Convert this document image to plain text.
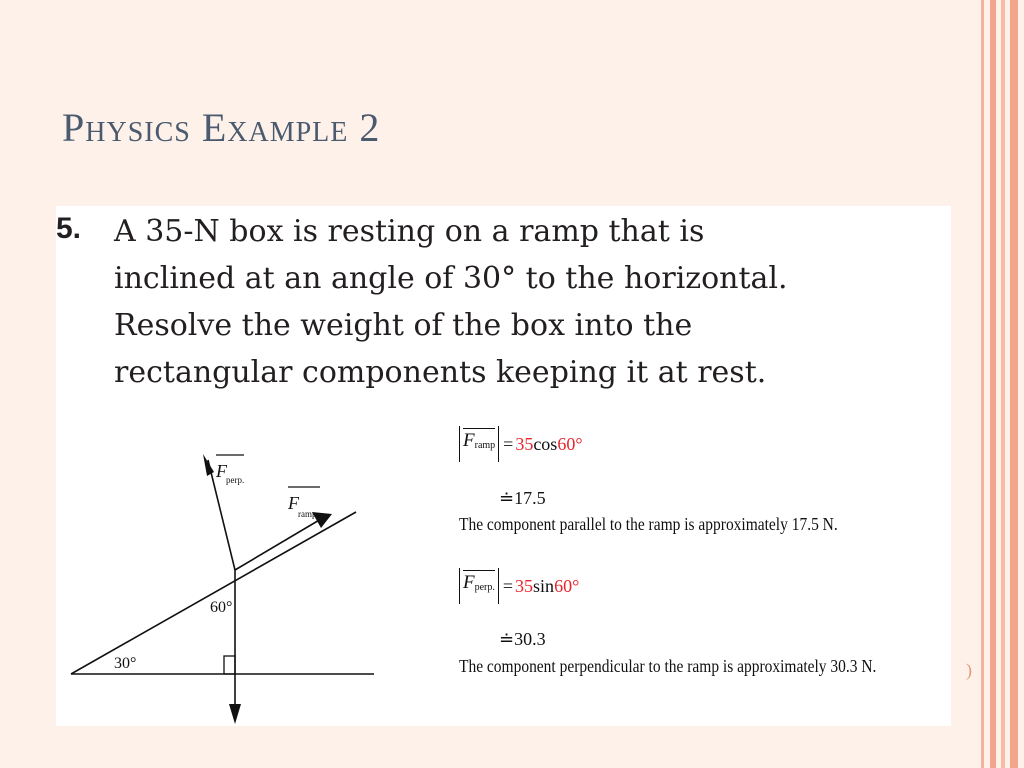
Physics Example 2
5. A 35-N box is resting on a ramp that is
inclined at an angle of 30° to the horizontal.
Resolve the weight of the box into the
rectangular components keeping it at rest.

F perp.
F
ramp
60°
30°
$F_{ramp} = 35$ cos 60°
≐17.5
The component parallel to the ramp is approximately 17.5 N.
$F_{perp.} = 35$ sin 60°
≐30.3
The component perpendicular to the ramp is approximately 30.3 N.	)
